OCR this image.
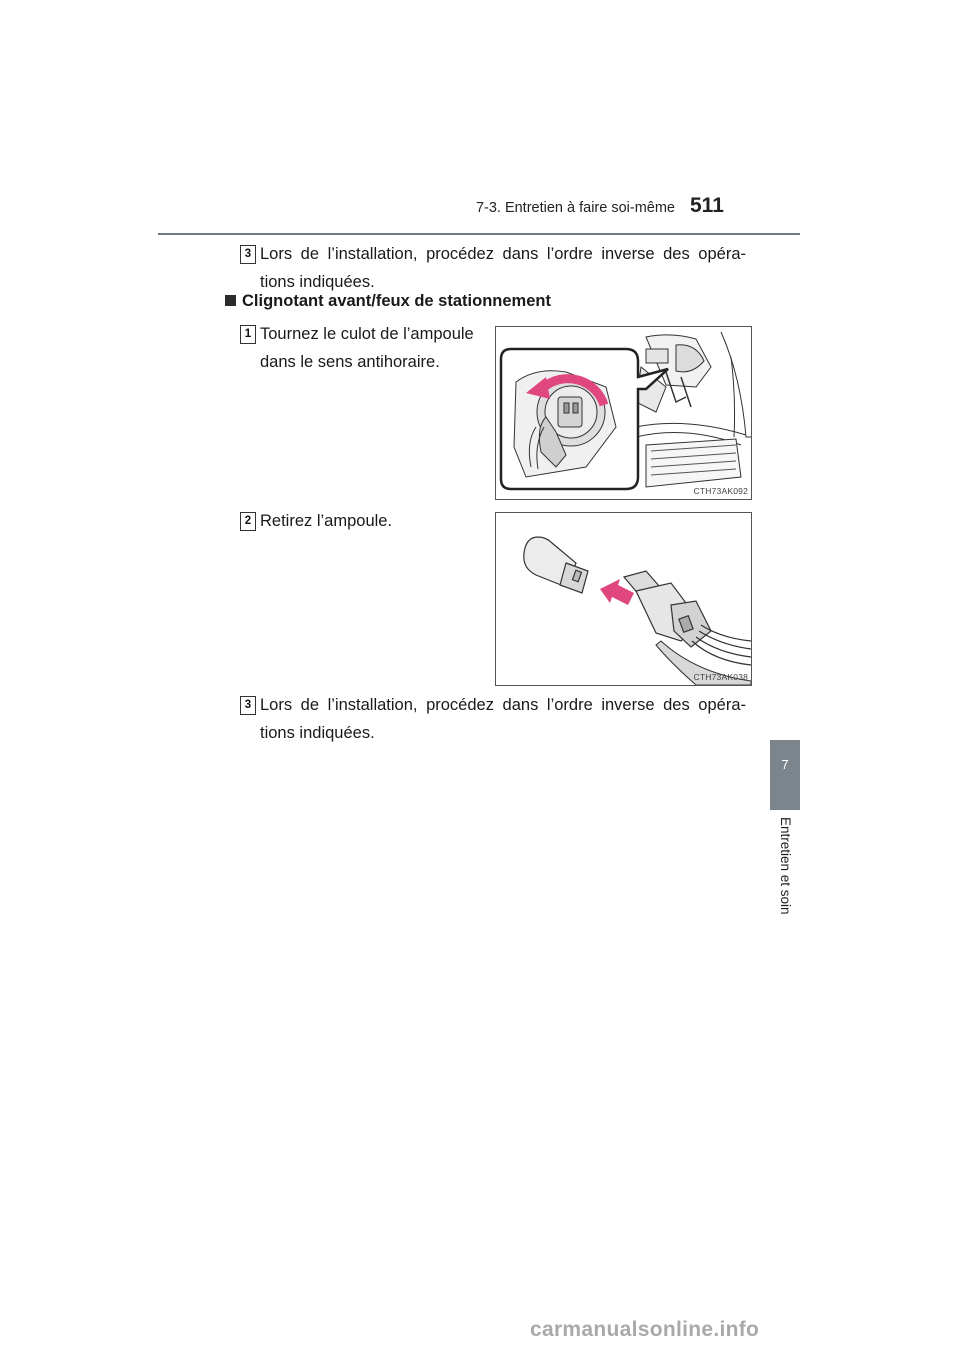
7-3. Entretien à faire soi-même 511
7
Entretien et soin
3 Lors de l’installation, procédez dans l’ordre inverse des opéra-tions indiquées.
Clignotant avant/feux de stationnement
1 Tournez le culot de l’ampoule dans le sens antihoraire.
CTH73AK092
2 Retirez l’ampoule.
CTH73AK038
3 Lors de l’installation, procédez dans l’ordre inverse des opéra-tions indiquées.
carmanualsonline.info
